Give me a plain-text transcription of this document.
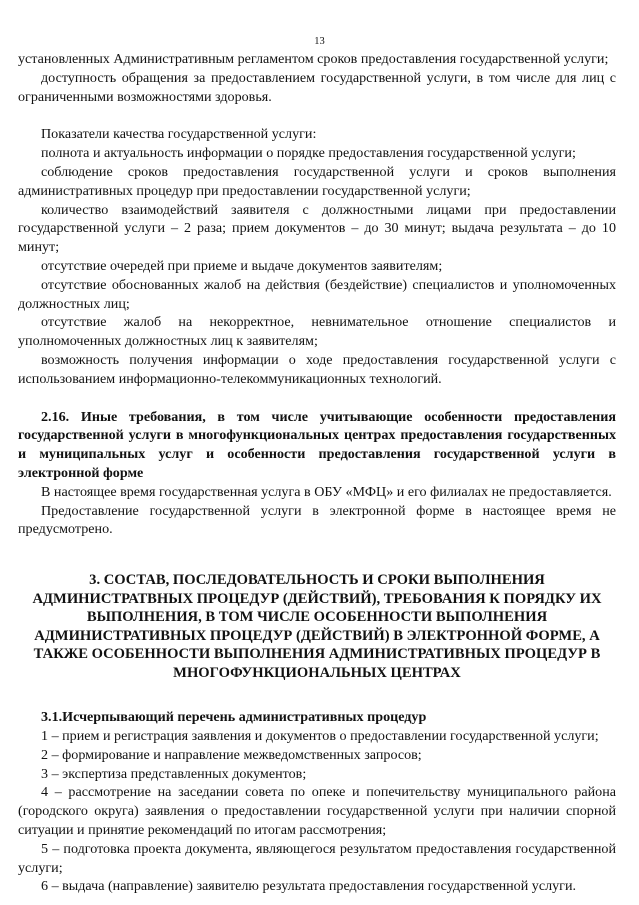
13

установленных Административным регламентом сроков предоставления государственной услуги;

доступность обращения за предоставлением государственной услуги, в том числе для лиц с ограниченными возможностями здоровья.

Показатели качества государственной услуги:

полнота и актуальность информации о порядке предоставления государственной услуги;

соблюдение сроков предоставления государственной услуги и сроков выполнения административных процедур при предоставлении государственной услуги;

количество взаимодействий заявителя с должностными лицами при предоставлении государственной услуги – 2 раза; прием документов – до 30 минут; выдача результата – до 10 минут;

отсутствие очередей при приеме и выдаче документов заявителям;

отсутствие обоснованных жалоб на действия (бездействие) специалистов и уполномоченных должностных лиц;

отсутствие жалоб на некорректное, невнимательное отношение специалистов и уполномоченных должностных лиц к заявителям;

возможность получения информации о ходе предоставления государственной услуги с использованием информационно-телекоммуникационных технологий.

2.16. Иные требования, в том числе учитывающие особенности предоставления государственной услуги в многофункциональных центрах предоставления государственных и муниципальных услуг и особенности предоставления государственной услуги в электронной форме

В настоящее время государственная услуга в ОБУ «МФЦ» и его филиалах не предоставляется.

Предоставление государственной услуги в электронной форме в настоящее время не предусмотрено.

3. СОСТАВ, ПОСЛЕДОВАТЕЛЬНОСТЬ И СРОКИ ВЫПОЛНЕНИЯ АДМИНИСТРАТВНЫХ ПРОЦЕДУР (ДЕЙСТВИЙ), ТРЕБОВАНИЯ К ПОРЯДКУ ИХ ВЫПОЛНЕНИЯ, В ТОМ ЧИСЛЕ ОСОБЕННОСТИ ВЫПОЛНЕНИЯ АДМИНИСТРАТИВНЫХ ПРОЦЕДУР (ДЕЙСТВИЙ) В ЭЛЕКТРОННОЙ ФОРМЕ, А ТАКЖЕ ОСОБЕННОСТИ ВЫПОЛНЕНИЯ АДМИНИСТРАТИВНЫХ ПРОЦЕДУР В МНОГОФУНКЦИОНАЛЬНЫХ ЦЕНТРАХ

3.1.Исчерпывающий перечень административных процедур

1 – прием и регистрация заявления и документов о предоставлении государственной услуги;

2 – формирование и направление межведомственных запросов;

3 – экспертиза представленных документов;

4 – рассмотрение на заседании совета по опеке и попечительству муниципального района (городского округа) заявления о предоставлении государственной услуги при наличии спорной ситуации и принятие рекомендаций по итогам рассмотрения;

5 – подготовка проекта документа, являющегося результатом предоставления государственной услуги;

6 – выдача (направление) заявителю результата предоставления государственной услуги.
